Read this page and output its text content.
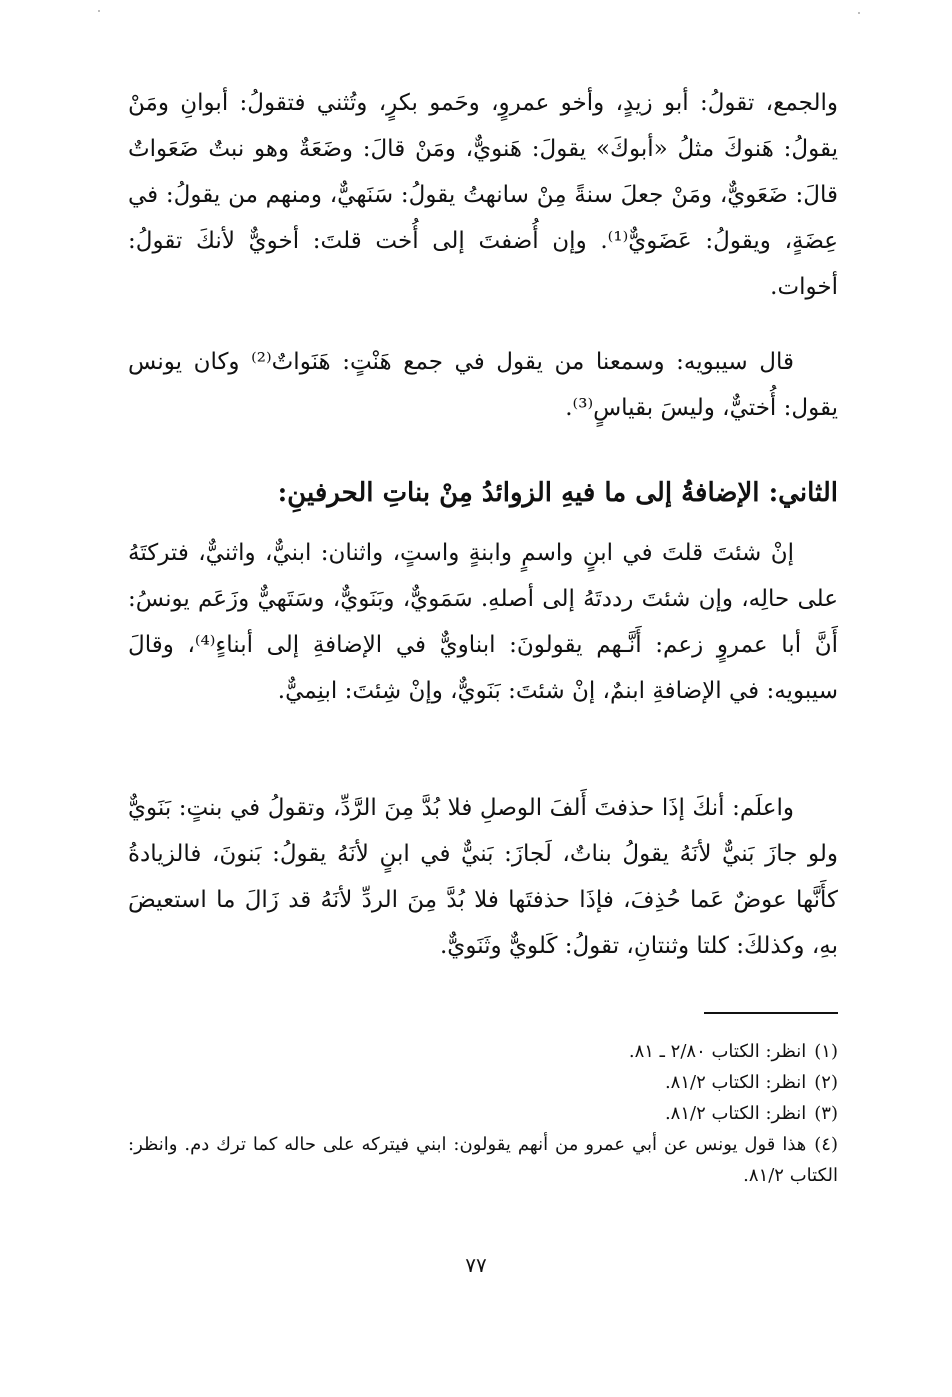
والجمع، تقولُ: أبو زيدٍ، وأخو عمروٍ، وحَمو بكرٍ، وتُثني فتقولُ: أبوانِ ومَنْ يقولُ: هَنوكَ مثلُ «أبوكَ» يقولَ: هَنويٌّ، ومَنْ قالَ: وضَعَةٌ وهو نبتٌ ضَعَواتٌ قالَ: ضَعَويٌّ، ومَنْ جعلَ سنةً مِنْ سانهتُ يقولُ: سَنَهيٌّ، ومنهم من يقولُ: في عِضَةٍ، ويقولُ: عَضَويٌّ⁽¹⁾. وإن أُضفتَ إلى أُخت قلتَ: أخويٌّ لأنكَ تقولُ: أخوات.

قال سيبويه: وسمعنا من يقول في جمع هَنْتٍ: هَنَواتٌ⁽²⁾ وكان يونس يقول: أُختيٌّ، وليسَ بقياسٍ⁽³⁾.

الثاني: الإضافةُ إلى ما فيهِ الزوائدُ مِنْ بناتِ الحرفينِ:

إنْ شئتَ قلتَ في ابنٍ واسمٍ وابنةٍ واستٍ، واثنان: ابنيٌّ، واثنيٌّ، فتركتَهُ على حالِه، وإن شئتَ رددتَهُ إلى أصلهِ. سَمَويٌّ، وبَنَويٌّ، وسَتَهيٌّ وزَعَم يونسُ: أَنَّ أبا عمروٍ زعم: أَنَّـهم يقولونَ: ابناويٌّ في الإضافةِ إلى أبناءٍ⁽⁴⁾، وقالَ سيبويه: في الإضافةِ ابنمٌ، إنْ شئتَ: بَنَويٌّ، وإنْ شِئتَ: ابنِميٌّ.

واعلَم: أنكَ إذَا حذفتَ أَلفَ الوصلِ فلا بُدَّ مِنَ الرَّدِّ، وتقولُ في بنتٍ: بَنَويٌّ ولو جازَ بَنيٌّ لأنَهُ يقولُ بناتٌ، لَجازَ: بَنيٌّ في ابنٍ لأنَهُ يقولُ: بَنونَ، فالزيادةُ كأَنَّها عوضٌ عَما حُذِفَ، فإذَا حذفتَها فلا بُدَّ مِنَ الردِّ لأنَهُ قد زَالَ ما استعيضَ بهِ، وكذلكَ: كلتا وثنتانِ، تقولُ: كَلويٌّ وثَنَويٌّ.

(١)انظر: الكتاب ٢/٨٠ ـ ٨١.
(٢)انظر: الكتاب ٨١/٢.
(٣)انظر: الكتاب ٨١/٢.
(٤)هذا قول يونس عن أبي عمرو من أنهم يقولون: ابني فيتركه على حاله كما ترك دم. وانظر: الكتاب ٨١/٢.
٧٧
